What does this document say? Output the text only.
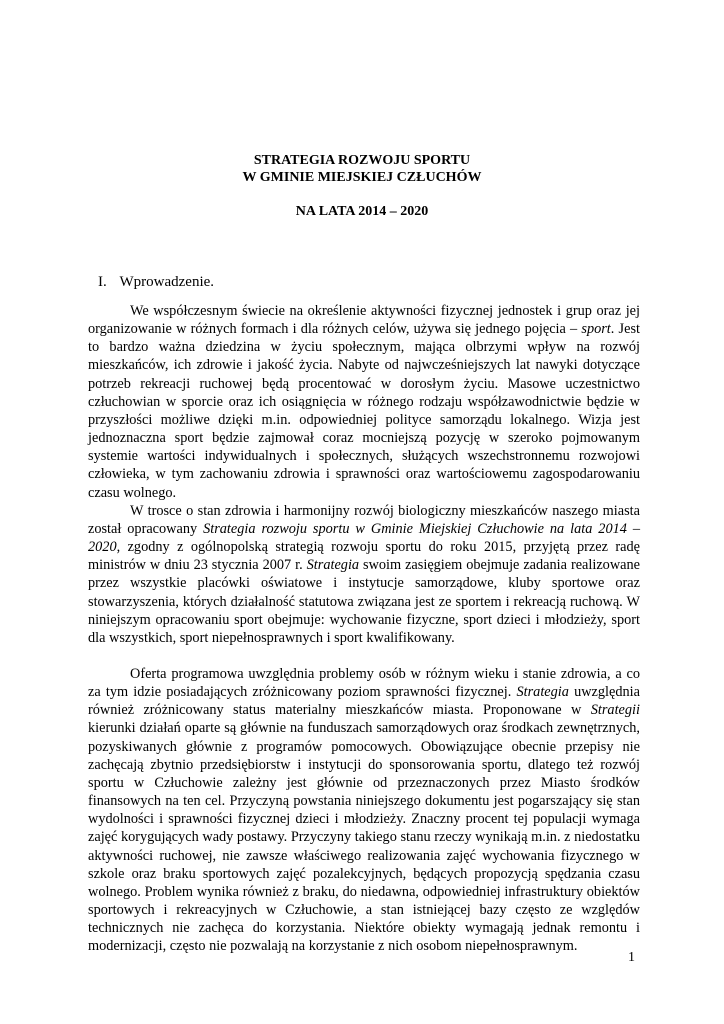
STRATEGIA ROZWOJU SPORTU
W GMINIE MIEJSKIEJ CZŁUCHÓW
NA LATA 2014 – 2020
I. Wprowadzenie.

We współczesnym świecie na określenie aktywności fizycznej jednostek i grup oraz jej organizowanie w różnych formach i dla różnych celów, używa się jednego pojęcia – sport. Jest to bardzo ważna dziedzina w życiu społecznym, mająca olbrzymi wpływ na rozwój mieszkańców, ich zdrowie i jakość życia. Nabyte od najwcześniejszych lat nawyki dotyczące potrzeb rekreacji ruchowej będą procentować w dorosłym życiu. Masowe uczestnictwo człuchowian w sporcie oraz ich osiągnięcia w różnego rodzaju współzawodnictwie będzie w przyszłości możliwe dzięki m.in. odpowiedniej polityce samorządu lokalnego. Wizja jest jednoznaczna sport będzie zajmował coraz mocniejszą pozycję w szeroko pojmowanym systemie wartości indywidualnych i społecznych, służących wszechstronnemu rozwojowi człowieka, w tym zachowaniu zdrowia i sprawności oraz wartościowemu zagospodarowaniu czasu wolnego.

W trosce o stan zdrowia i harmonijny rozwój biologiczny mieszkańców naszego miasta został opracowany Strategia rozwoju sportu w Gminie Miejskiej Człuchowie na lata 2014 – 2020, zgodny z ogólnopolską strategią rozwoju sportu do roku 2015, przyjętą przez radę ministrów w dniu 23 stycznia 2007 r. Strategia swoim zasięgiem obejmuje zadania realizowane przez wszystkie placówki oświatowe i instytucje samorządowe, kluby sportowe oraz stowarzyszenia, których działalność statutowa związana jest ze sportem i rekreacją ruchową. W niniejszym opracowaniu sport obejmuje: wychowanie fizyczne, sport dzieci i młodzieży, sport dla wszystkich, sport niepełnosprawnych i sport kwalifikowany.

Oferta programowa uwzględnia problemy osób w różnym wieku i stanie zdrowia, a co za tym idzie posiadających zróżnicowany poziom sprawności fizycznej. Strategia uwzględnia również zróżnicowany status materialny mieszkańców miasta. Proponowane w Strategii kierunki działań oparte są głównie na funduszach samorządowych oraz środkach zewnętrznych, pozyskiwanych głównie z programów pomocowych. Obowiązujące obecnie przepisy nie zachęcają zbytnio przedsiębiorstw i instytucji do sponsorowania sportu, dlatego też rozwój sportu w Człuchowie zależny jest głównie od przeznaczonych przez Miasto środków finansowych na ten cel. Przyczyną powstania niniejszego dokumentu jest pogarszający się stan wydolności i sprawności fizycznej dzieci i młodzieży. Znaczny procent tej populacji wymaga zajęć korygujących wady postawy. Przyczyny takiego stanu rzeczy wynikają m.in. z niedostatku aktywności ruchowej, nie zawsze właściwego realizowania zajęć wychowania fizycznego w szkole oraz braku sportowych zajęć pozalekcyjnych, będących propozycją spędzania czasu wolnego. Problem wynika również z braku, do niedawna, odpowiedniej infrastruktury obiektów sportowych i rekreacyjnych w Człuchowie, a stan istniejącej bazy często ze względów technicznych nie zachęca do korzystania. Niektóre obiekty wymagają jednak remontu i modernizacji, często nie pozwalają na korzystanie z nich osobom niepełnosprawnym.

1
